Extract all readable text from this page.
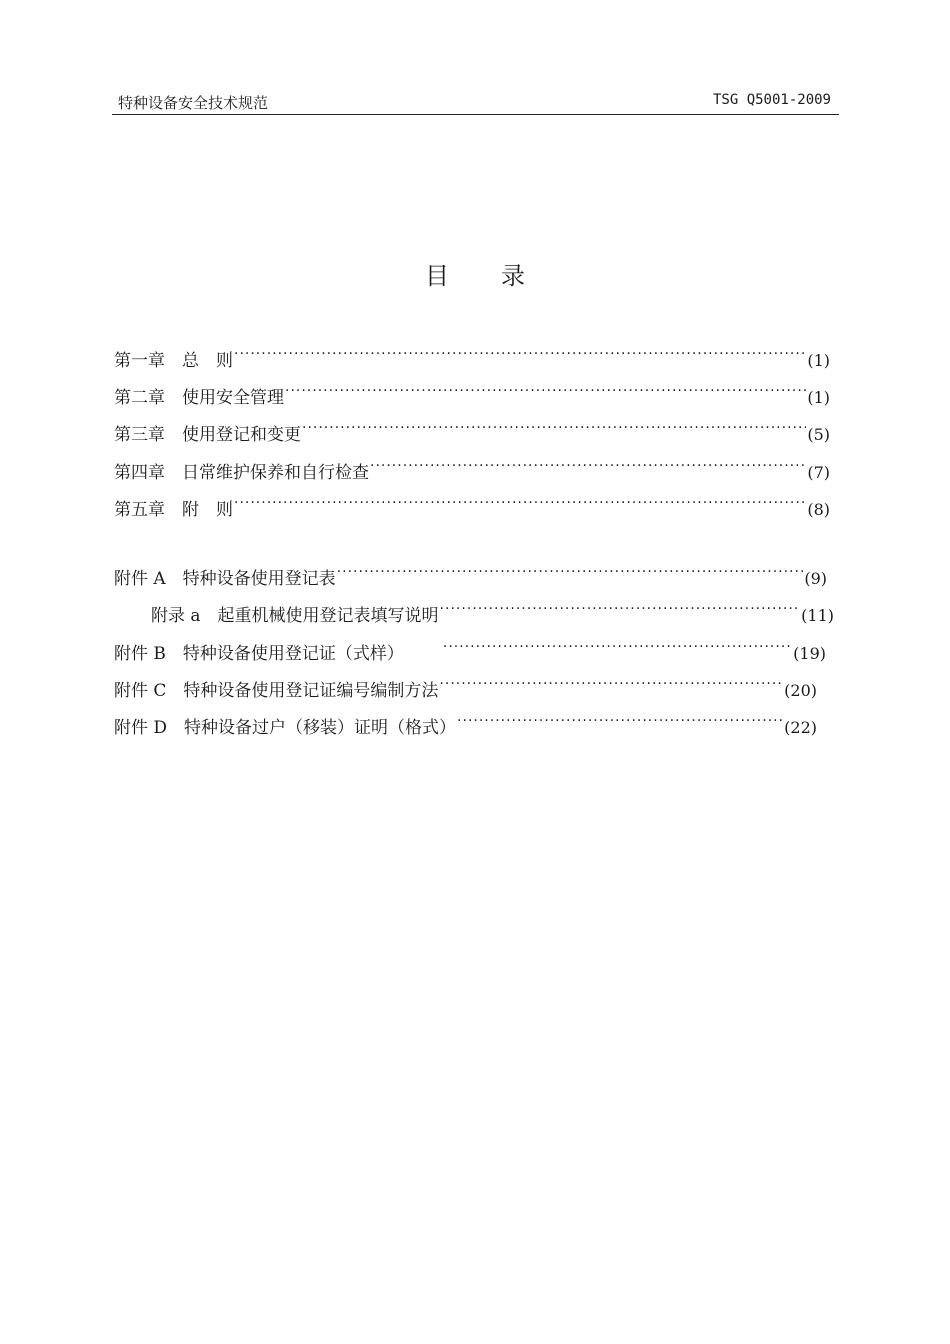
特种设备安全技术规范	TSG Q5001-2009
目 录
第一章　总　则 ·····	(1)
第二章　使用安全管理 ·····	(1)
第三章　使用登记和变更 ·····	(5)
第四章　日常维护保养和自行检查 ·····	(7)
第五章　附　则 ·····	(8)
附件 A　特种设备使用登记表 ·····	(9)
附录 a　起重机械使用登记表填写说明 ·····	(11)
附件 B　特种设备使用登记证（式样） ·····	(19)
附件 C　特种设备使用登记证编号编制方法 ·····	(20)
附件 D　特种设备过户（移装）证明（格式） ·····	(22)
